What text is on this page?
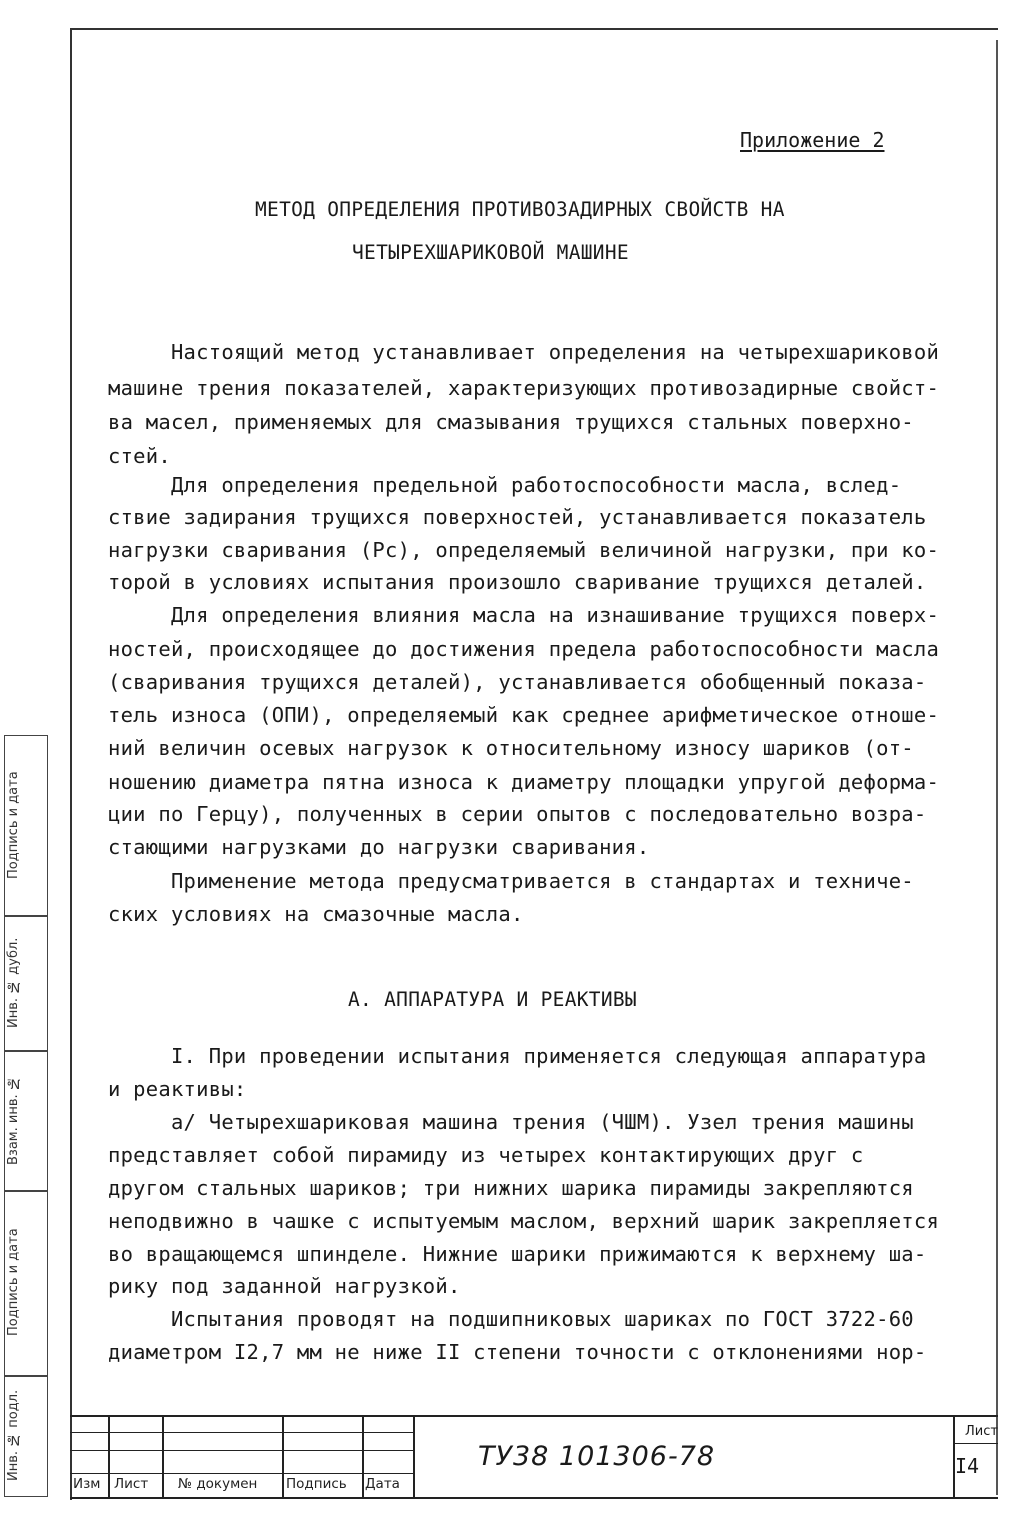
Приложение 2
МЕТОД ОПРЕДЕЛЕНИЯ ПРОТИВОЗАДИРНЫХ СВОЙСТВ НА
ЧЕТЫРЕХШАРИКОВОЙ МАШИНЕ
Настоящий метод устанавливает определения на четырехшариковой
машине трения показателей, характеризующих противозадирные свойст-
ва масел, применяемых для смазывания трущихся стальных поверхно-
стей.
Для определения предельной работоспособности масла, вслед-
ствие задирания трущихся поверхностей, устанавливается показатель
нагрузки сваривания (Pс), определяемый величиной нагрузки, при ко-
торой в условиях испытания произошло сваривание трущихся деталей.
Для определения влияния масла на изнашивание трущихся поверх-
ностей, происходящее до достижения предела работоспособности масла
(сваривания трущихся деталей), устанавливается обобщенный показа-
тель износа (ОПИ), определяемый как среднее арифметическое отноше-
ний величин осевых нагрузок к относительному износу шариков (от-
ношению диаметра пятна износа к диаметру площадки упругой деформа-
ции по Герцу), полученных в серии опытов с последовательно возра-
стающими нагрузками до нагрузки сваривания.
Применение метода предусматривается в стандартах и техниче-
ских условиях на смазочные масла.
А. АППАРАТУРА И РЕАКТИВЫ
I. При проведении испытания применяется следующая аппаратура
и реактивы:
а/ Четырехшариковая машина трения (ЧШМ). Узел трения машины
представляет собой пирамиду из четырех контактирующих друг с
другом стальных шариков; три нижних шарика пирамиды закрепляются
неподвижно в чашке с испытуемым маслом, верхний шарик закрепляется
во вращающемся шпинделе. Нижние шарики прижимаются к верхнему ша-
рику под заданной нагрузкой.
Испытания проводят на подшипниковых шариках по ГОСТ 3722-60
диаметром I2,7 мм не ниже II степени точности с отклонениями нор-
Подпись и дата
Инв. № дубл.
Взам. инв. №
Подпись и дата
Инв. № подл.
Изм Лист № докумен Подпись Дата
ТУ38 101306-78
Лист
I4
